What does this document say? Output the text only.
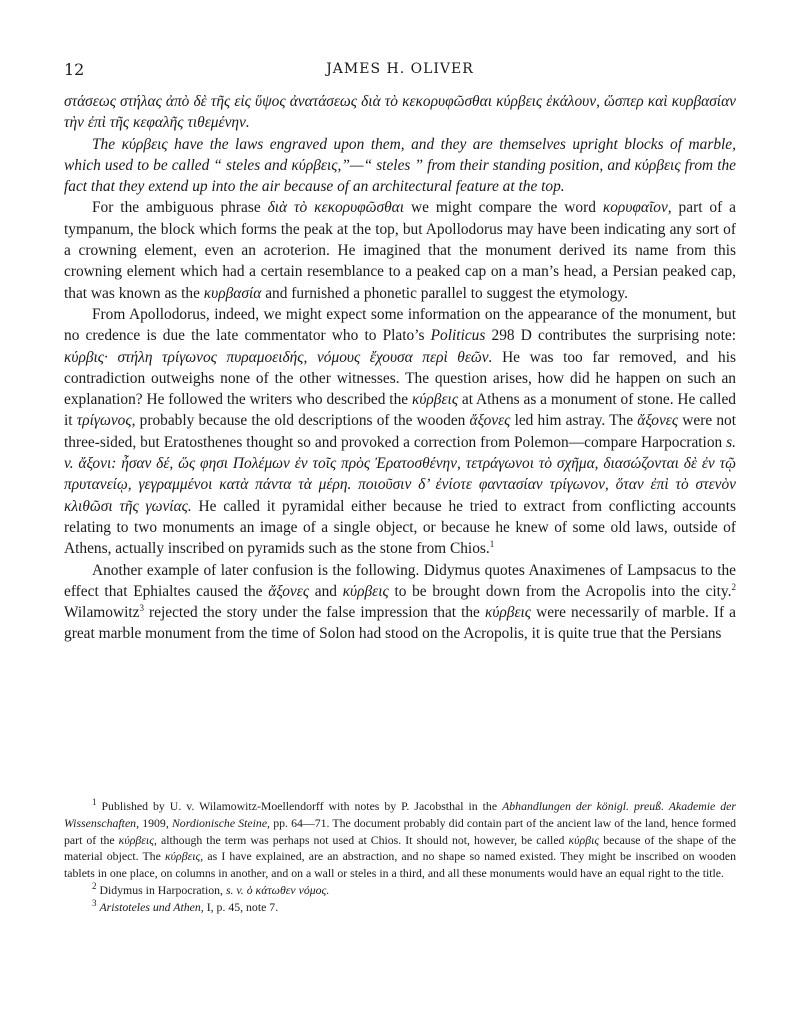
12	JAMES H. OLIVER

στάσεως στήλας ἀπὸ δὲ τῆς εἰς ὕψος ἀνατάσεως διὰ τὸ κεκορυφῶσθαι κύρβεις ἐκάλουν, ὥσπερ καὶ κυρβασίαν τὴν ἐπὶ τῆς κεφαλῆς τιθεμένην.

The κύρβεις have the laws engraved upon them, and they are themselves upright blocks of marble, which used to be called “ steles and κύρβεις,”—“ steles ” from their standing position, and κύρβεις from the fact that they extend up into the air because of an architectural feature at the top.

For the ambiguous phrase διὰ τὸ κεκορυφῶσθαι we might compare the word κορυφαῖον, part of a tympanum, the block which forms the peak at the top, but Apollodorus may have been indicating any sort of a crowning element, even an acroterion. He imagined that the monument derived its name from this crowning element which had a certain resemblance to a peaked cap on a man’s head, a Persian peaked cap, that was known as the κυρβασία and furnished a phonetic parallel to suggest the etymology.

From Apollodorus, indeed, we might expect some information on the appearance of the monument, but no credence is due the late commentator who to Plato’s Politicus 298 D contributes the surprising note: κύρβις· στήλη τρίγωνος πυραμοειδής, νόμους ἔχουσα περὶ θεῶν. He was too far removed, and his contradiction outweighs none of the other witnesses. The question arises, how did he happen on such an explanation? He followed the writers who described the κύρβεις at Athens as a monument of stone. He called it τρίγωνος, probably because the old descriptions of the wooden ἄξονες led him astray. The ἄξονες were not three-sided, but Eratosthenes thought so and provoked a correction from Polemon—compare Harpocration s. v. ἄξονι: ἦσαν δέ, ὥς φησι Πολέμων ἐν τοῖς πρὸς Ἐρατοσθένην, τετράγωνοι τὸ σχῆμα, διασώζονται δὲ ἐν τῷ πρυτανείῳ, γεγραμμένοι κατὰ πάντα τὰ μέρη. ποιοῦσιν δ’ ἐνίοτε φαντασίαν τρίγωνον, ὅταν ἐπὶ τὸ στενὸν κλιθῶσι τῆς γωνίας. He called it pyramidal either because he tried to extract from conflicting accounts relating to two monuments an image of a single object, or because he knew of some old laws, outside of Athens, actually inscribed on pyramids such as the stone from Chios.$^1$

Another example of later confusion is the following. Didymus quotes Anaximenes of Lampsacus to the effect that Ephialtes caused the ἄξονες and κύρβεις to be brought down from the Acropolis into the city.$^2$ Wilamowitz$^3$ rejected the story under the false impression that the κύρβεις were necessarily of marble. If a great marble monument from the time of Solon had stood on the Acropolis, it is quite true that the Persians

$^1$ Published by U. v. Wilamowitz-Moellendorff with notes by P. Jacobsthal in the Abhandlungen der königl. preuß. Akademie der Wissenschaften, 1909, Nordionische Steine, pp. 64—71. The document probably did contain part of the ancient law of the land, hence formed part of the κύρβεις, although the term was perhaps not used at Chios. It should not, however, be called κύρβις because of the shape of the material object. The κύρβεις, as I have explained, are an abstraction, and no shape so named existed. They might be inscribed on wooden tablets in one place, on columns in another, and on a wall or steles in a third, and all these monuments would have an equal right to the title.

$^2$ Didymus in Harpocration, s. v. ὁ κάτωθεν νόμος.

$^3$ Aristoteles und Athen, I, p. 45, note 7.
